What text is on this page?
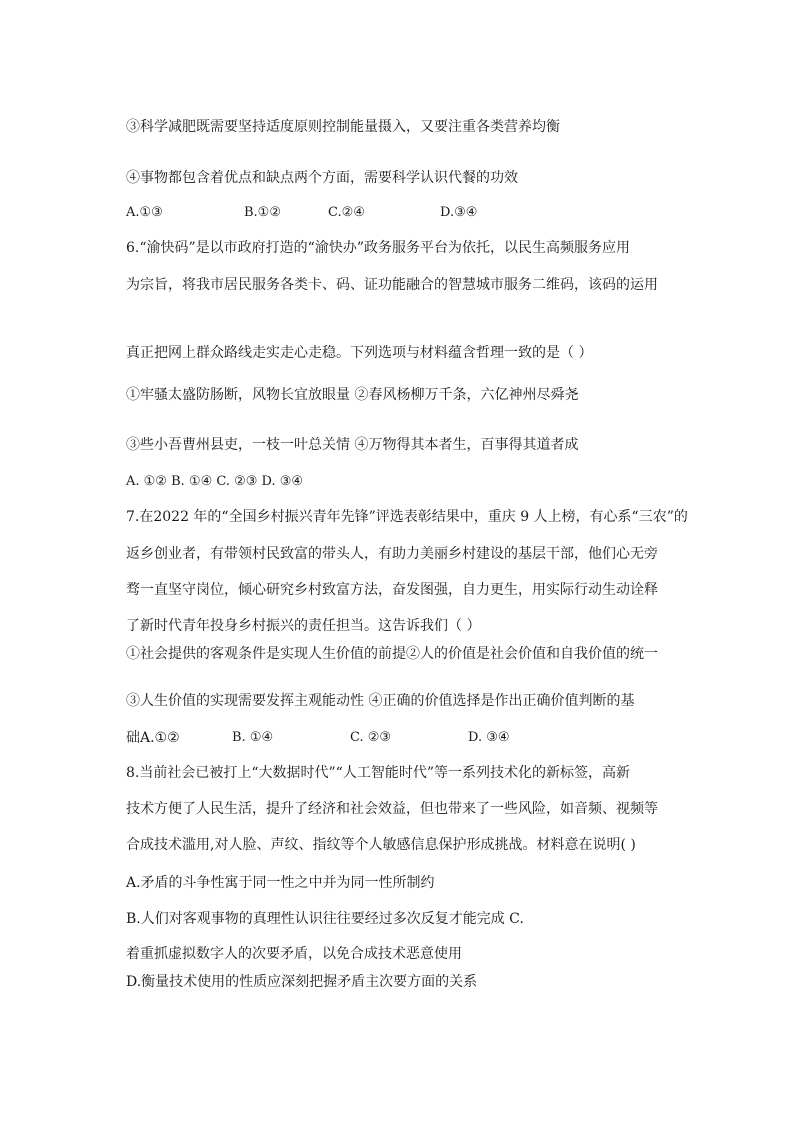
③科学减肥既需要坚持适度原则控制能量摄入，又要注重各类营养均衡
④事物都包含着优点和缺点两个方面，需要科学认识代餐的功效
A.①③	B.①②	C.②④	D.③④
6.“渝快码”是以市政府打造的“渝快办”政务服务平台为依托，以民生高频服务应用
为宗旨，将我市居民服务各类卡、码、证功能融合的智慧城市服务二维码，该码的运用
真正把网上群众路线走实走心走稳。下列选项与材料蕴含哲理一致的是（ ）
①牢骚太盛防肠断，风物长宜放眼量 ②春风杨柳万千条，六亿神州尽舜尧
③些小吾曹州县吏，一枝一叶总关情 ④万物得其本者生，百事得其道者成
A. ①② B. ①④ C. ②③ D. ③④
7.在2022 年的“全国乡村振兴青年先锋”评选表彰结果中，重庆 9 人上榜，有心系“三农”的
返乡创业者，有带领村民致富的带头人，有助力美丽乡村建设的基层干部，他们心无旁
骛一直坚守岗位，倾心研究乡村致富方法，奋发图强，自力更生，用实际行动生动诠释
了新时代青年投身乡村振兴的责任担当。这告诉我们（ ）
①社会提供的客观条件是实现人生价值的前提②人的价值是社会价值和自我价值的统一
③人生价值的实现需要发挥主观能动性 ④正确的价值选择是作出正确价值判断的基
础A.①②	B. ①④	C. ②③	D. ③④
8.当前社会已被打上“大数据时代”“人工智能时代”等一系列技术化的新标签，高新
技术方便了人民生活，提升了经济和社会效益，但也带来了一些风险，如音频、视频等
合成技术滥用,对人脸、声纹、指纹等个人敏感信息保护形成挑战。材料意在说明( )
A.矛盾的斗争性寓于同一性之中并为同一性所制约
B.人们对客观事物的真理性认识往往要经过多次反复才能完成 C.
着重抓虚拟数字人的次要矛盾，以免合成技术恶意使用
D.衡量技术使用的性质应深刻把握矛盾主次要方面的关系
